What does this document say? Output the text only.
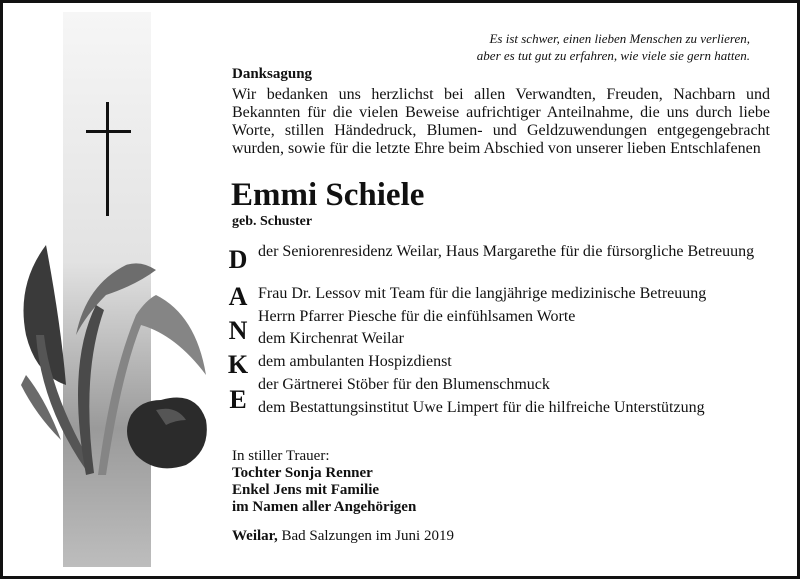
Es ist schwer, einen lieben Menschen zu verlieren,
aber es tut gut zu erfahren, wie viele sie gern hatten.
Danksagung
Wir bedanken uns herzlichst bei allen Verwandten, Freuden, Nachbarn und Bekannten für die vielen Beweise aufrichtiger Anteilnahme, die uns durch liebe Worte, stillen Händedruck, Blumen- und Geldzuwendungen entgegengebracht wurden, sowie für die letzte Ehre beim Abschied von unserer lieben Entschlafenen
Emmi Schiele
geb. Schuster
D
A
N
K
E
der Seniorenresidenz Weilar, Haus Margarethe für die fürsorgliche Betreuung
Frau Dr. Lessov mit Team für die langjährige medizinische Betreuung
Herrn Pfarrer Piesche für die einfühlsamen Worte
dem Kirchenrat Weilar
dem ambulanten Hospizdienst
der Gärtnerei Stöber für den Blumenschmuck
dem Bestattungsinstitut Uwe Limpert für die hilfreiche Unterstützung
In stiller Trauer:
Tochter Sonja Renner
Enkel Jens mit Familie
im Namen aller Angehörigen
Weilar, Bad Salzungen im Juni 2019
